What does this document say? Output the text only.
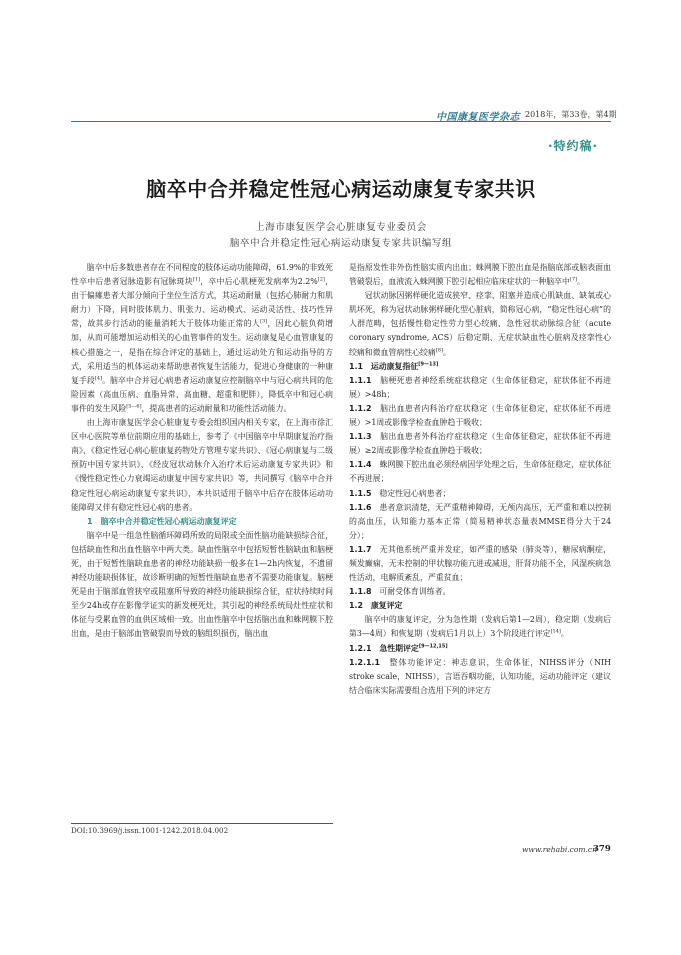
中国康复医学杂志 2018年，第33卷，第4期
·特约稿·
脑卒中合并稳定性冠心病运动康复专家共识
上海市康复医学会心脏康复专业委员会
脑卒中合并稳定性冠心病运动康复专家共识编写组

脑卒中后多数患者存在不同程度的肢体运动功能障碍，61.9%的非致死性卒中后患者冠脉造影有冠脉斑块[1]，卒中后心肌梗死发病率为2.2%[2]，由于偏瘫患者大部分倾向于坐位生活方式，其运动耐量（包括心肺耐力和肌耐力）下降，同时肢体肌力、肌张力、运动模式、运动灵活性、技巧性异常，故其步行活动的能量消耗大于肢体功能正常的人[3]，因此心脏负荷增加，从而可能增加运动相关的心血管事件的发生。运动康复是心血管康复的核心措施之一，是指在综合评定的基础上，通过运动处方和运动指导的方式，采用适当的机体运动来帮助患者恢复生活能力，促进心身健康的一种康复手段[4]。脑卒中合并冠心病患者运动康复应控制脑卒中与冠心病共同的危险因素（高血压病、血脂异常、高血糖、超重和肥胖），降低卒中和冠心病事件的发生风险[5—6]，提高患者的运动耐量和功能性活动能力。

由上海市康复医学会心脏康复专委会组织国内相关专家，在上海市徐汇区中心医院等单位前期应用的基础上，参考了《中国脑卒中早期康复治疗指南》、《稳定性冠心病心脏康复药物处方管理专家共识》、《冠心病康复与二级预防中国专家共识》、《经皮冠状动脉介入治疗术后运动康复专家共识》和《慢性稳定性心力衰竭运动康复中国专家共识》等，共同撰写《脑卒中合并稳定性冠心病运动康复专家共识》，本共识适用于脑卒中后存在肢体运动功能障碍又伴有稳定性冠心病的患者。

1　脑卒中合并稳定性冠心病运动康复评定

脑卒中是一组急性脑循环障碍所致的局限或全面性脑功能缺损综合征，包括缺血性和出血性脑卒中两大类。缺血性脑卒中包括短暂性脑缺血和脑梗死，由于短暂性脑缺血患者的神经功能缺损一般多在1—2h内恢复，不遗留神经功能缺损体征，故诊断明确的短暂性脑缺血患者不需要功能康复。脑梗死是由于脑部血管狭窄或阻塞所导致的神经功能缺损综合征，症状持续时间至少24h或存在影像学证实的新发梗死灶，其引起的神经系统局灶性症状和体征与受累血管的血供区域相一致。出血性脑卒中包括脑出血和蛛网膜下腔出血，是由于脑部血管破裂而导致的脑组织损伤，脑出血

是指原发性非外伤性脑实质内出血；蛛网膜下腔出血是指脑底部或脑表面血管破裂后，血液流入蛛网膜下腔引起相应临床症状的一种脑卒中[7]。

冠状动脉因粥样硬化造成狭窄、痉挛、阻塞并造成心肌缺血、缺氧或心肌坏死，称为冠状动脉粥样硬化型心脏病，简称冠心病，“稳定性冠心病”的人群范畴，包括慢性稳定性劳力型心绞痛、急性冠状动脉综合征（acute coronary syndrome, ACS）后稳定期、无症状缺血性心脏病及痉挛性心绞痛和微血管病性心绞痛[8]。

1.1　运动康复指征[9—13]

1.1.1　脑梗死患者神经系统症状稳定（生命体征稳定，症状体征不再进展）>48h；

1.1.2　脑出血患者内科治疗症状稳定（生命体征稳定，症状体征不再进展）>1周或影像学检查血肿趋于吸收；

1.1.3　脑出血患者外科治疗症状稳定（生命体征稳定，症状体征不再进展）≥2周或影像学检查血肿趋于吸收；

1.1.4　蛛网膜下腔出血必须经病因学处理之后，生命体征稳定，症状体征不再进展；

1.1.5　稳定性冠心病患者；

1.1.6　患者意识清楚，无严重精神障碍，无颅内高压，无严重和难以控制的高血压，认知能力基本正常（简易精神状态量表MMSE得分大于24分）；

1.1.7　无其他系统严重并发症，如严重的感染（肺炎等），糖尿病酮症，频发癫痫，无未控制的甲状腺功能亢进或减退，肝肾功能不全，风湿疾病急性活动，电解质紊乱，严重贫血；

1.1.8　可耐受体育训练者。

1.2　康复评定

脑卒中的康复评定，分为急性期（发病后第1—2周），稳定期（发病后第3—4周）和恢复期（发病后1月以上）3个阶段进行评定[14]。

1.2.1　急性期评定[9—12,15]

1.2.1.1　整体功能评定：神志意识，生命体征，NIHSS评分（NIH stroke scale，NIHSS），言语吞咽功能，认知功能，运动功能评定（建议结合临床实际需要组合选用下列的评定方

DOI:10.3969/j.issn.1001-1242.2018.04.002
www.rehabi.com.cn
379
